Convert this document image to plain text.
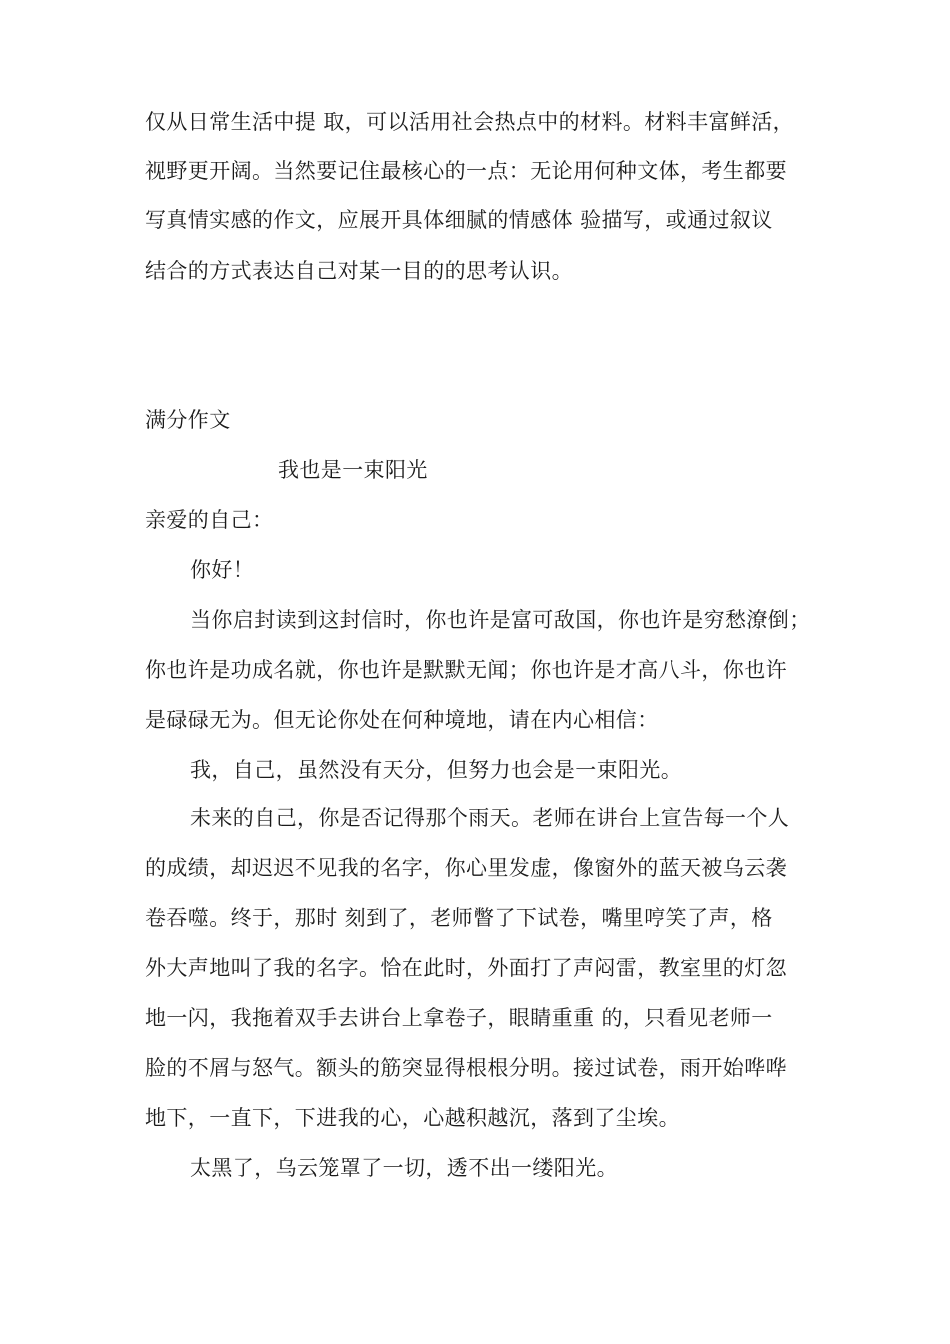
仅从日常生活中提 取，可以活用社会热点中的材料。材料丰富鲜活，
视野更开阔。当然要记住最核心的一点：无论用何种文体，考生都要
写真情实感的作文，应展开具体细腻的情感体 验描写，或通过叙议
结合的方式表达自己对某一目的的思考认识。
满分作文
我也是一束阳光
亲爱的自己：
你好！
当你启封读到这封信时，你也许是富可敌国，你也许是穷愁潦倒；
你也许是功成名就，你也许是默默无闻；你也许是才高八斗，你也许
是碌碌无为。但无论你处在何种境地，请在内心相信：
我，自己，虽然没有天分，但努力也会是一束阳光。
未来的自己，你是否记得那个雨天。老师在讲台上宣告每一个人
的成绩，却迟迟不见我的名字，你心里发虚，像窗外的蓝天被乌云袭
卷吞噬。终于，那时 刻到了，老师瞥了下试卷，嘴里哼笑了声，格
外大声地叫了我的名字。恰在此时，外面打了声闷雷，教室里的灯忽
地一闪，我拖着双手去讲台上拿卷子，眼睛重重 的，只看见老师一
脸的不屑与怒气。额头的筋突显得根根分明。接过试卷，雨开始哗哗
地下，一直下，下进我的心，心越积越沉，落到了尘埃。
太黑了，乌云笼罩了一切，透不出一缕阳光。
